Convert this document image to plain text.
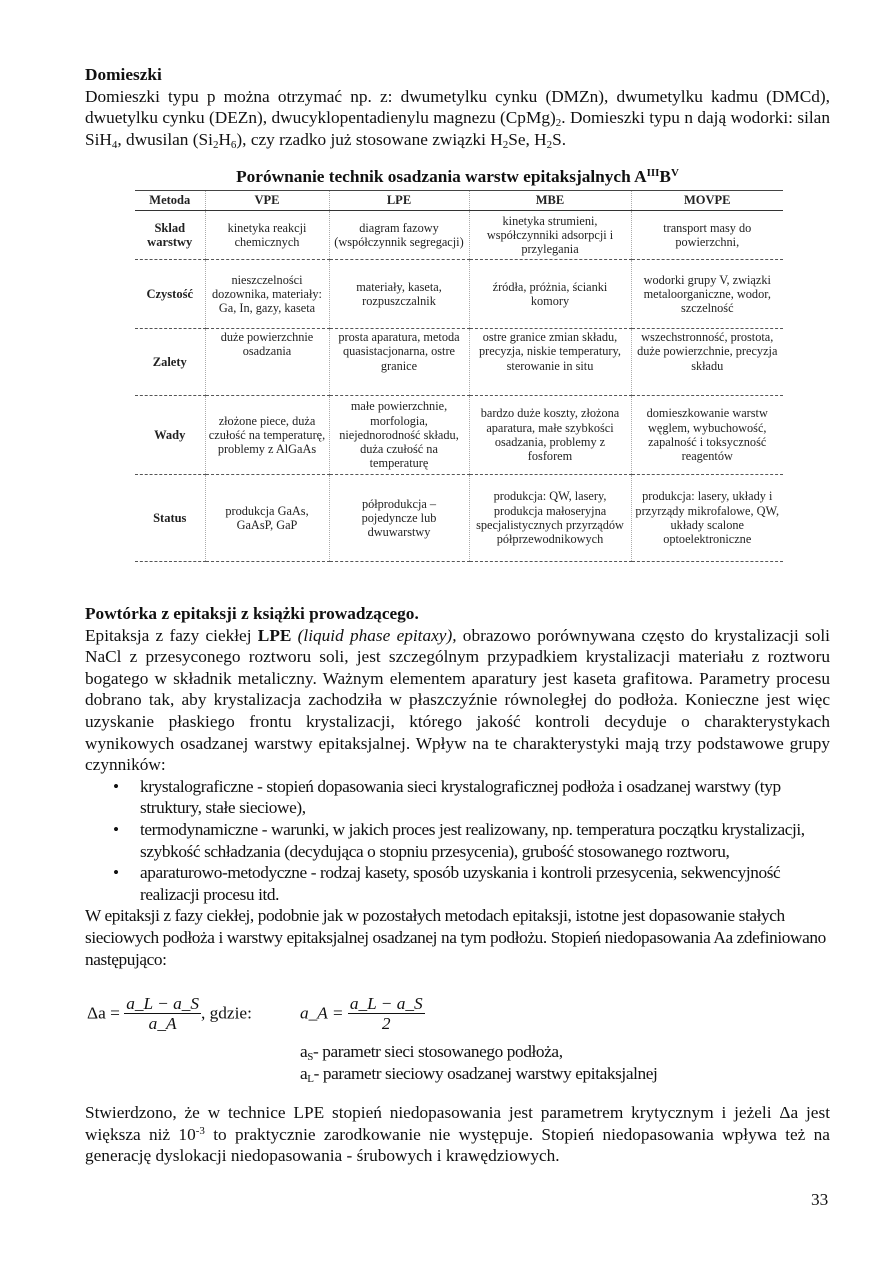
Domieszki

Domieszki typu p można otrzymać np. z: dwumetylku cynku (DMZn), dwumetylku kadmu (DMCd), dwuetylku cynku (DEZn), dwucyklopentadienylu magnezu $(CpMg)_2$. Domieszki typu n dają wodorki: silan SiH$_4$, dwusilan $(Si_2H_6)$, czy rzadko już stosowane związki $H_2Se$, $H_2S$.

Porównanie technik osadzania warstw epitaksjalnych $A^{III}B^V$
Metoda	VPE	LPE	MBE	MOVPE
Sklad warstwy	kinetyka reakcji chemicznych	diagram fazowy (współczynnik segregacji)	kinetyka strumieni, współczynniki adsorpcji i przylegania	transport masy do powierzchni,
Czystość	nieszczelności dozownika, materiały: Ga, In, gazy, kaseta	materiały, kaseta, rozpuszczalnik	źródła, próżnia, ścianki komory	wodorki grupy V, związki metaloorganiczne, wodor, szczelność
Zalety	duże powierzchnie osadzania	prosta aparatura, metoda quasistacjonarna, ostre granice	ostre granice zmian składu, precyzja, niskie temperatury, sterowanie in situ	wszechstronność, prostota, duże powierzchnie, precyzja składu
Wady	złożone piece, duża czułość na temperaturę, problemy z AlGaAs	małe powierzchnie, morfologia, niejednorodność składu, duża czułość na temperaturę	bardzo duże koszty, złożona aparatura, małe szybkości osadzania, problemy z fosforem	domieszkowanie warstw węglem, wybuchowość, zapalność i toksyczność reagentów
Status	produkcja GaAs, GaAsP, GaP	półprodukcja – pojedyncze lub dwuwarstwy	produkcja: QW, lasery, produkcja małoseryjna specjalistycznych przyrządów półprzewodnikowych	produkcja: lasery, układy i przyrządy mikrofalowe, QW, układy scalone optoelektroniczne

Powtórka z epitaksji z książki prowadzącego.

Epitaksja z fazy ciekłej LPE (liquid phase epitaxy), obrazowo porównywana często do krystalizacji soli NaCl z przesyconego roztworu soli, jest szczególnym przypadkiem krystalizacji materiału z roztworu bogatego w składnik metaliczny. Ważnym elementem aparatury jest kaseta grafitowa. Parametry procesu dobrano tak, aby krystalizacja zachodziła w płaszczyźnie równoległej do podłoża. Konieczne jest więc uzyskanie płaskiego frontu krystalizacji, którego jakość kontroli decyduje o charakterystykach wynikowych osadzanej warstwy epitaksjalnej. Wpływ na te charakterystyki mają trzy podstawowe grupy czynników:

• krystalograficzne - stopień dopasowania sieci krystalograficznej podłoża i osadzanej warstwy (typ struktury, stałe sieciowe),
• termodynamiczne - warunki, w jakich proces jest realizowany, np. temperatura początku krystalizacji, szybkość schładzania (decydująca o stopniu przesycenia), grubość stosowanego roztworu,
• aparaturowo-metodyczne - rodzaj kasety, sposób uzyskania i kontroli przesycenia, sekwencyjność realizacji procesu itd.

W epitaksji z fazy ciekłej, podobnie jak w pozostałych metodach epitaksji, istotne jest dopasowanie stałych sieciowych podłoża i warstwy epitaksjalnej osadzanej na tym podłożu. Stopień niedopasowania Aa zdefiniowano następująco:

$\Delta a = \frac{a\_L - a\_S}{a\_A}$ , gdzie:	a_A = $\frac{a\_L - a\_S}{2}$
$a_S-$ parametr sieci stosowanego podłoża,
$a_L-$ parametr sieciowy osadzanej warstwy epitaksjalnej

Stwierdzono, że w technice LPE stopień niedopasowania jest parametrem krytycznym i jeżeli Δa jest większa niż $10^{-3}$ to praktycznie zarodkowanie nie występuje. Stopień niedopasowania wpływa też na generację dyslokacji niedopasowania - śrubowych i krawędziowych.

33
